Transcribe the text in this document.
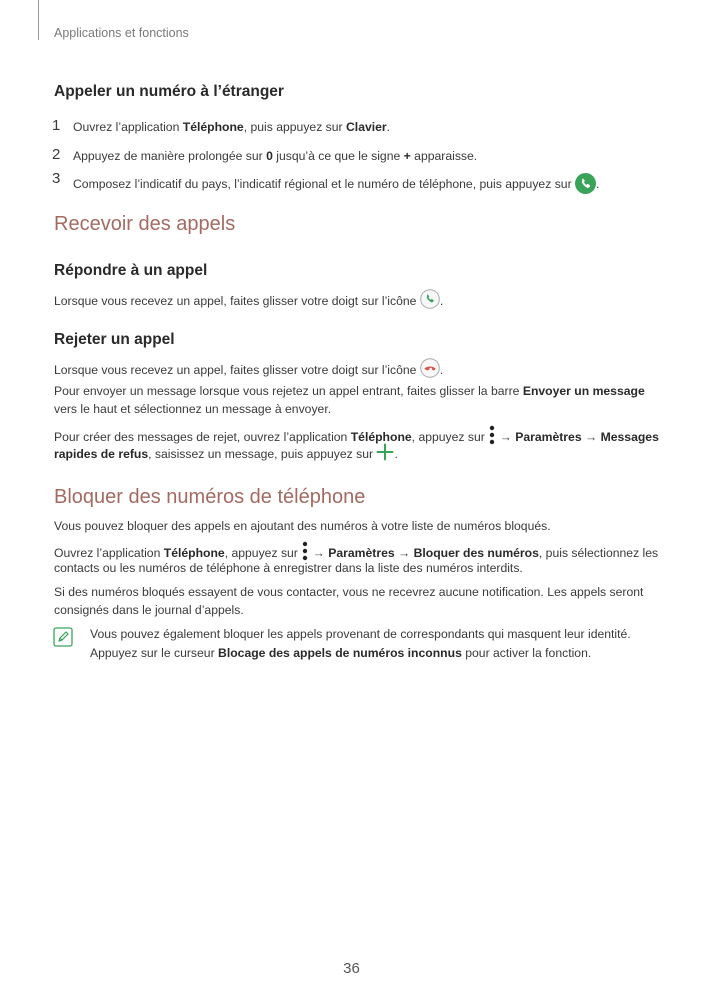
Applications et fonctions
Appeler un numéro à l’étranger
1 Ouvrez l’application Téléphone, puis appuyez sur Clavier.
2 Appuyez de manière prolongée sur 0 jusqu’à ce que le signe + apparaisse.
3 Composez l’indicatif du pays, l’indicatif régional et le numéro de téléphone, puis appuyez sur .
Recevoir des appels
Répondre à un appel
Lorsque vous recevez un appel, faites glisser votre doigt sur l’icône .
Rejeter un appel
Lorsque vous recevez un appel, faites glisser votre doigt sur l’icône .
Pour envoyer un message lorsque vous rejetez un appel entrant, faites glisser la barre Envoyer un message
vers le haut et sélectionnez un message à envoyer.
Pour créer des messages de rejet, ouvrez l’application Téléphone, appuyez sur  → Paramètres → Messages
rapides de refus, saisissez un message, puis appuyez sur .
Bloquer des numéros de téléphone
Vous pouvez bloquer des appels en ajoutant des numéros à votre liste de numéros bloqués.
Ouvrez l’application Téléphone, appuyez sur  → Paramètres → Bloquer des numéros, puis sélectionnez les
contacts ou les numéros de téléphone à enregistrer dans la liste des numéros interdits.
Si des numéros bloqués essayent de vous contacter, vous ne recevrez aucune notification. Les appels seront
consignés dans le journal d’appels.
Vous pouvez également bloquer les appels provenant de correspondants qui masquent leur identité.
Appuyez sur le curseur Blocage des appels de numéros inconnus pour activer la fonction.
36
